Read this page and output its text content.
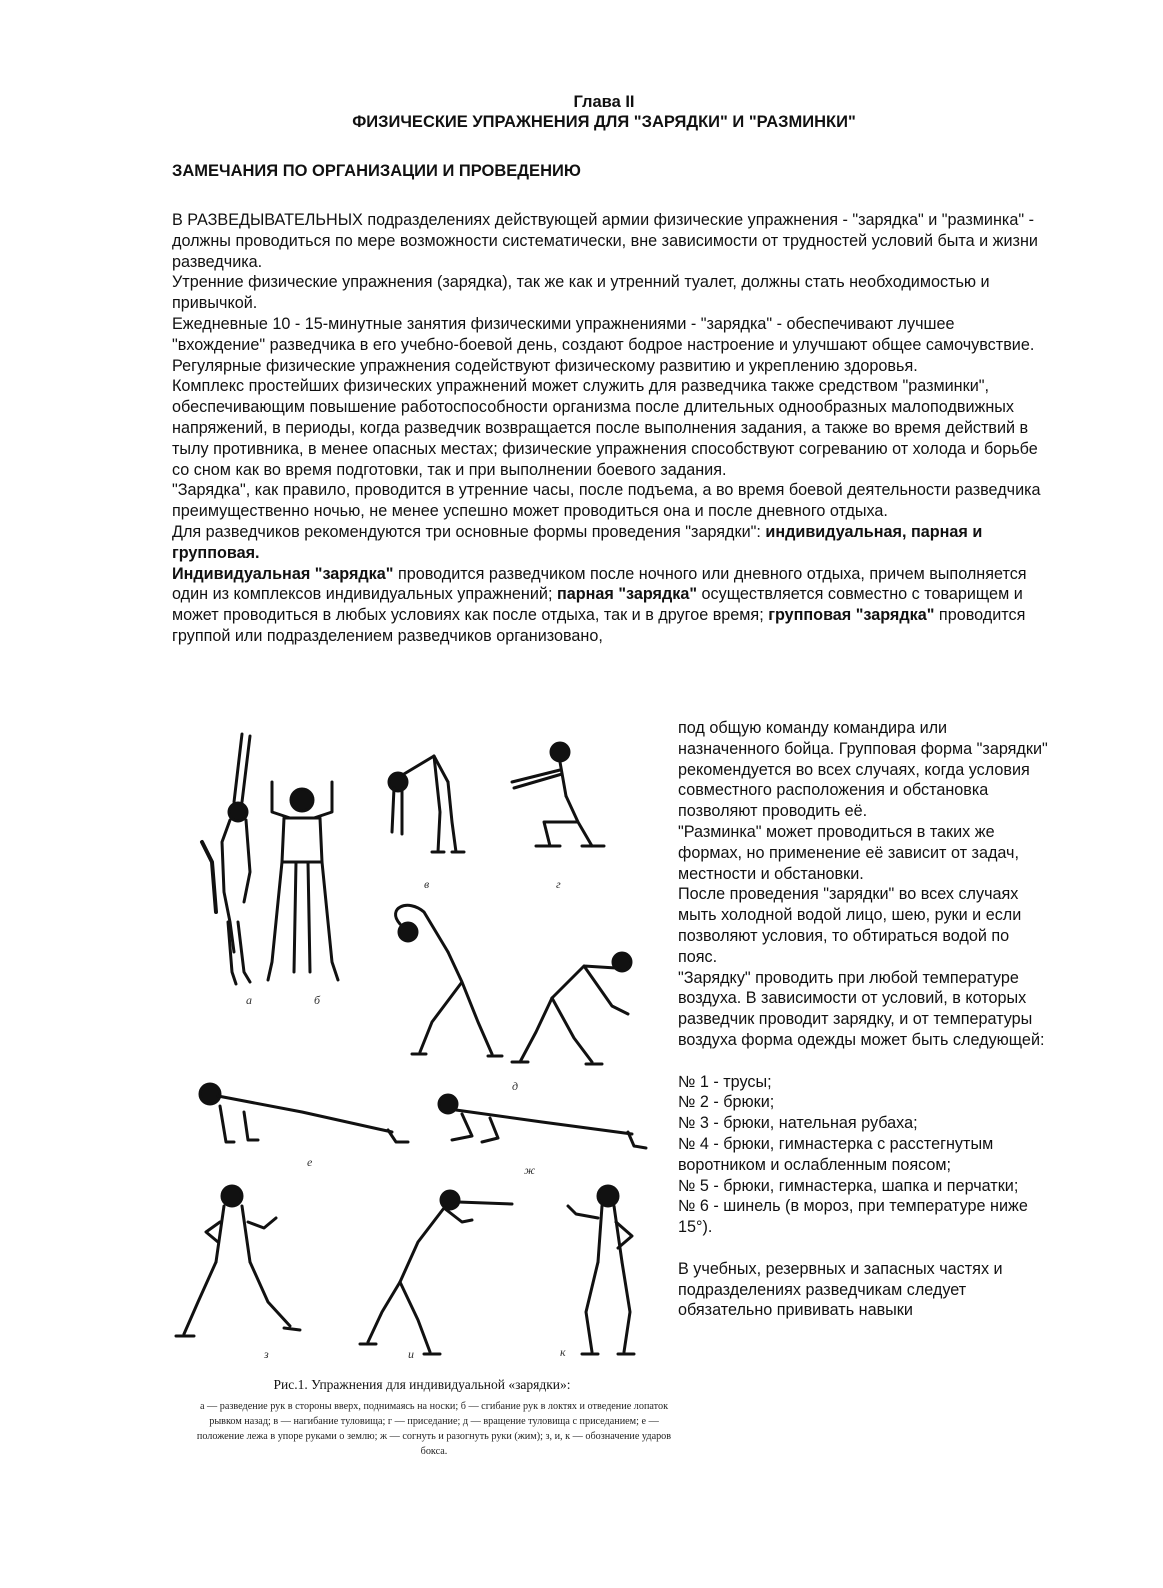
Глава II
ФИЗИЧЕСКИЕ УПРАЖНЕНИЯ ДЛЯ "ЗАРЯДКИ" И "РАЗМИНКИ"
ЗАМЕЧАНИЯ ПО ОРГАНИЗАЦИИ И ПРОВЕДЕНИЮ

В РАЗВЕДЫВАТЕЛЬНЫХ подразделениях действующей армии физические упражнения - "зарядка" и "разминка" - должны проводиться по мере возможности систематически, вне зависимости от трудностей условий быта и жизни разведчика.

Утренние физические упражнения (зарядка), так же как и утренний туалет, должны стать необходимостью и привычкой.

Ежедневные 10 - 15-минутные занятия физическими упражнениями - "зарядка" - обеспечивают лучшее "вхождение" разведчика в его учебно-боевой день, создают бодрое настроение и улучшают общее самочувствие.

Регулярные физические упражнения содействуют физическому развитию и укреплению здоровья.

Комплекс простейших физических упражнений может служить для разведчика также средством "разминки", обеспечивающим повышение работоспособности организма после длительных однообразных малоподвижных напряжений, в периоды, когда разведчик возвращается после выполнения задания, а также во время действий в тылу противника, в менее опасных местах; физические упражнения способствуют согреванию от холода и борьбе со сном как во время подготовки, так и при выполнении боевого задания.

"Зарядка", как правило, проводится в утренние часы, после подъема, а во время боевой деятельности разведчика преимущественно ночью, не менее успешно может проводиться она и после дневного отдыха.

Для разведчиков рекомендуются три основные формы проведения "зарядки": индивидуальная, парная и групповая.

Индивидуальная "зарядка" проводится разведчиком после ночного или дневного отдыха, причем выполняется один из комплексов индивидуальных упражнений; парная "зарядка" осуществляется совместно с товарищем и может проводиться в любых условиях как после отдыха, так и в другое время; групповая "зарядка" проводится группой или подразделением разведчиков организовано,

а	б
в	г
д
е
ж
з	и	к
Рис.1. Упражнения для индивидуальной «зарядки»:
а — разведение рук в стороны вверх, поднимаясь на носки; б — сгибание рук в локтях и отведение лопаток рывком назад; в — нагибание туловища; г — приседание; д — вращение туловища с приседанием; е — положение лежа в упоре руками о землю; ж — согнуть и разогнуть руки (жим); з, и, к — обозначение ударов бокса.

под общую команду командира или назначенного бойца. Групповая форма "зарядки" рекомендуется во всех случаях, когда условия совместного расположения и обстановка позволяют проводить её.

"Разминка" может проводиться в таких же формах, но применение её зависит от задач, местности и обстановки.

После проведения "зарядки" во всех случаях мыть холодной водой лицо, шею, руки и если позволяют условия, то обтираться водой по пояс.

"Зарядку" проводить при любой температуре воздуха. В зависимости от условий, в которых разведчик проводит зарядку, и от температуры воздуха форма одежды может быть следующей:

№ 1 - трусы;

№ 2 - брюки;

№ 3 - брюки, нательная рубаха;

№ 4 - брюки, гимнастерка с расстегнутым воротником и ослабленным поясом;

№ 5 - брюки, гимнастерка, шапка и перчатки;

№ 6 - шинель (в мороз, при температуре ниже 15°).

В учебных, резервных и запасных частях и подразделениях разведчикам следует обязательно прививать навыки
